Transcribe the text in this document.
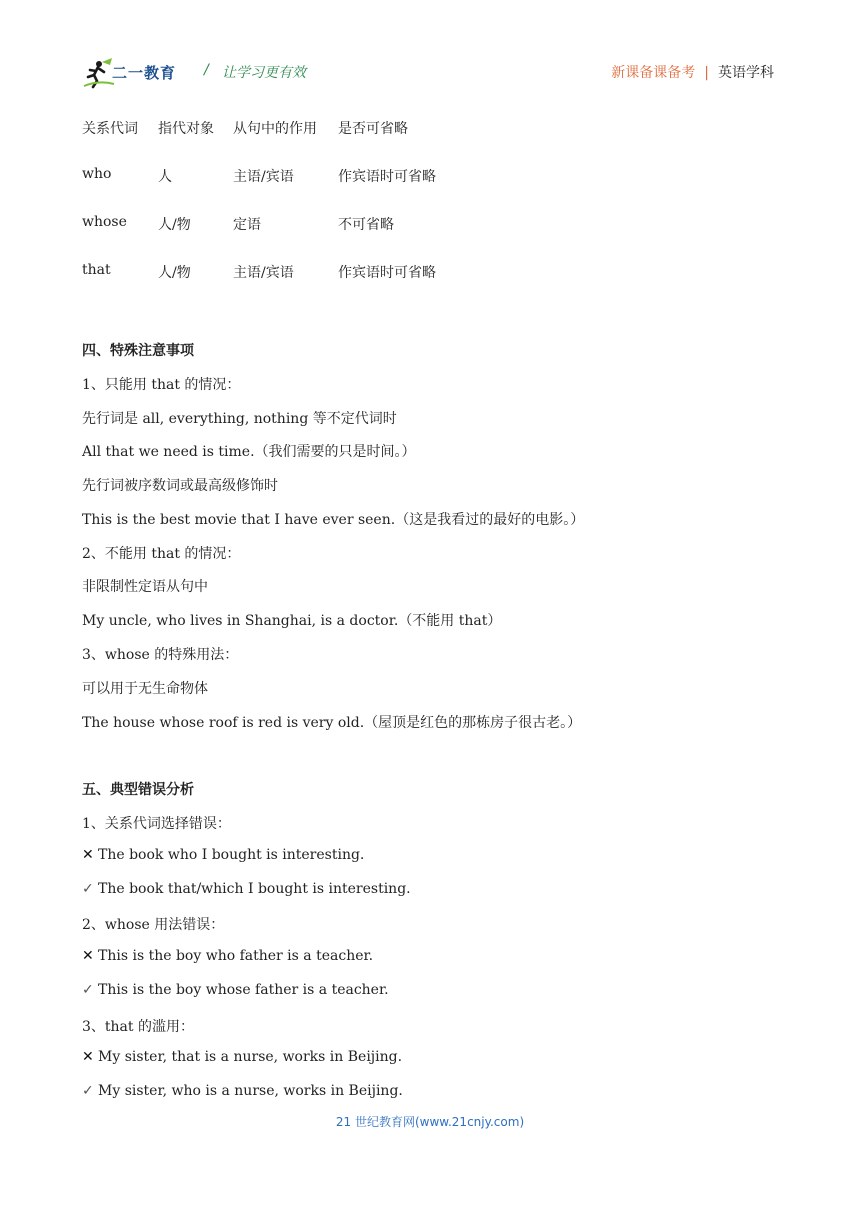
二一教育 / 让学习更有效	新课备课备考 | 英语学科
关系代词	指代对象	从句中的作用	是否可省略
who	人	主语/宾语	作宾语时可省略
whose	人/物	定语	不可省略
that	人/物	主语/宾语	作宾语时可省略
四、特殊注意事项
1、只能用 that 的情况：
先行词是 all, everything, nothing 等不定代词时
All that we need is time.（我们需要的只是时间。）
先行词被序数词或最高级修饰时
This is the best movie that I have ever seen.（这是我看过的最好的电影。）
2、不能用 that 的情况：
非限制性定语从句中
My uncle, who lives in Shanghai, is a doctor.（不能用 that）
3、whose 的特殊用法：
可以用于无生命物体
The house whose roof is red is very old.（屋顶是红色的那栋房子很古老。）
五、典型错误分析
1、关系代词选择错误：
✕ The book who I bought is interesting.
✓ The book that/which I bought is interesting.
2、whose 用法错误：
✕ This is the boy who father is a teacher.
✓ This is the boy whose father is a teacher.
3、that 的滥用：
✕ My sister, that is a nurse, works in Beijing.
✓ My sister, who is a nurse, works in Beijing.
21 世纪教育网(www.21cnjy.com)
